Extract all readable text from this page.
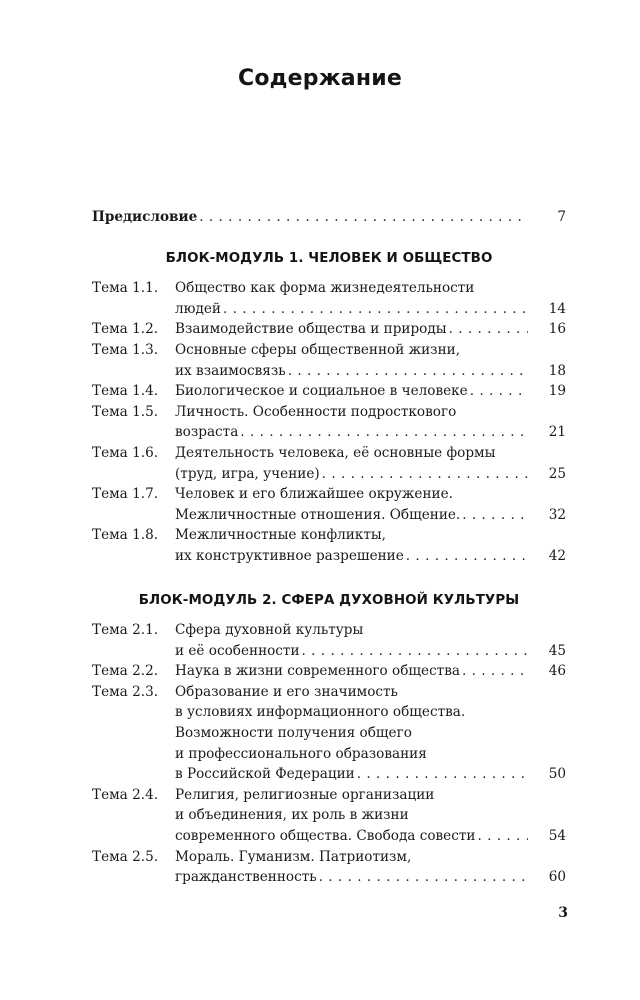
Содержание
Предисловие . . .	7
БЛОК-МОДУЛЬ 1. ЧЕЛОВЕК И ОБЩЕСТВО
Тема 1.1.	Общество как форма жизнедеятельности
людей . . .	14
Тема 1.2.	Взаимодействие общества и природы . . .	16
Тема 1.3.	Основные сферы общественной жизни,
их взаимосвязь . . .	18
Тема 1.4.	Биологическое и социальное в человеке . . .	19
Тема 1.5.	Личность. Особенности подросткового
возраста . . .	21
Тема 1.6.	Деятельность человека, её основные формы
(труд, игра, учение) . . .	25
Тема 1.7.	Человек и его ближайшее окружение.
Межличностные отношения. Общение. . . .	32
Тема 1.8.	Межличностные конфликты,
их конструктивное разрешение . . .	42
БЛОК-МОДУЛЬ 2. СФЕРА ДУХОВНОЙ КУЛЬТУРЫ
Тема 2.1.	Сфера духовной культуры
и её особенности . . .	45
Тема 2.2.	Наука в жизни современного общества . . .	46
Тема 2.3.	Образование и его значимость
в условиях информационного общества.
Возможности получения общего
и профессионального образования
в Российской Федерации . . .	50
Тема 2.4.	Религия, религиозные организации
и объединения, их роль в жизни
современного общества. Свобода совести . . .	54
Тема 2.5.	Мораль. Гуманизм. Патриотизм,
гражданственность . . .	60
3
